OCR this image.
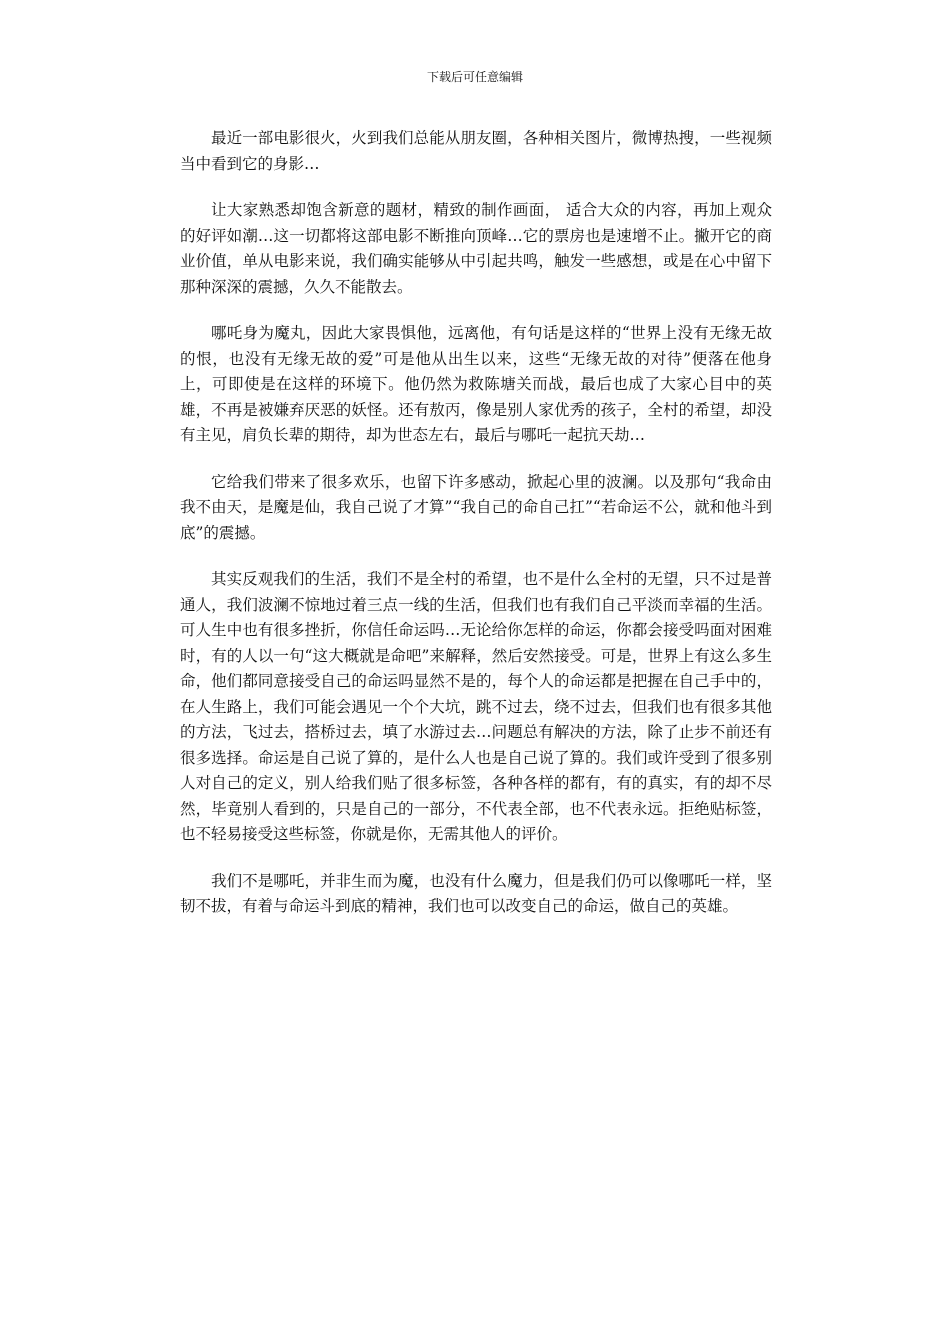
下载后可任意编辑

最近一部电影很火，火到我们总能从朋友圈，各种相关图片，微博热搜，一些视频当中看到它的身影…

让大家熟悉却饱含新意的题材，精致的制作画面， 适合大众的内容，再加上观众的好评如潮…这一切都将这部电影不断推向顶峰…它的票房也是速增不止。撇开它的商业价值，单从电影来说，我们确实能够从中引起共鸣，触发一些感想，或是在心中留下那种深深的震撼，久久不能散去。

哪吒身为魔丸，因此大家畏惧他，远离他，有句话是这样的“世界上没有无缘无故的恨，也没有无缘无故的爱”可是他从出生以来，这些“无缘无故的对待”便落在他身上，可即使是在这样的环境下。他仍然为救陈塘关而战，最后也成了大家心目中的英雄，不再是被嫌弃厌恶的妖怪。还有敖丙，像是别人家优秀的孩子，全村的希望，却没有主见，肩负长辈的期待，却为世态左右，最后与哪吒一起抗天劫…

它给我们带来了很多欢乐，也留下许多感动，掀起心里的波澜。以及那句“我命由我不由天，是魔是仙，我自己说了才算”“我自己的命自己扛”“若命运不公，就和他斗到底”的震撼。

其实反观我们的生活，我们不是全村的希望，也不是什么全村的无望，只不过是普通人，我们波澜不惊地过着三点一线的生活，但我们也有我们自己平淡而幸福的生活。可人生中也有很多挫折，你信任命运吗…无论给你怎样的命运，你都会接受吗面对困难时，有的人以一句“这大概就是命吧”来解释，然后安然接受。可是，世界上有这么多生命，他们都同意接受自己的命运吗显然不是的，每个人的命运都是把握在自己手中的，在人生路上，我们可能会遇见一个个大坑，跳不过去，绕不过去，但我们也有很多其他的方法，飞过去，搭桥过去，填了水游过去…问题总有解决的方法，除了止步不前还有很多选择。命运是自己说了算的，是什么人也是自己说了算的。我们或许受到了很多别人对自己的定义，别人给我们贴了很多标签，各种各样的都有，有的真实，有的却不尽然，毕竟别人看到的，只是自己的一部分，不代表全部，也不代表永远。拒绝贴标签，也不轻易接受这些标签，你就是你，无需其他人的评价。

我们不是哪吒，并非生而为魔，也没有什么魔力，但是我们仍可以像哪吒一样，坚韧不拔，有着与命运斗到底的精神，我们也可以改变自己的命运，做自己的英雄。
